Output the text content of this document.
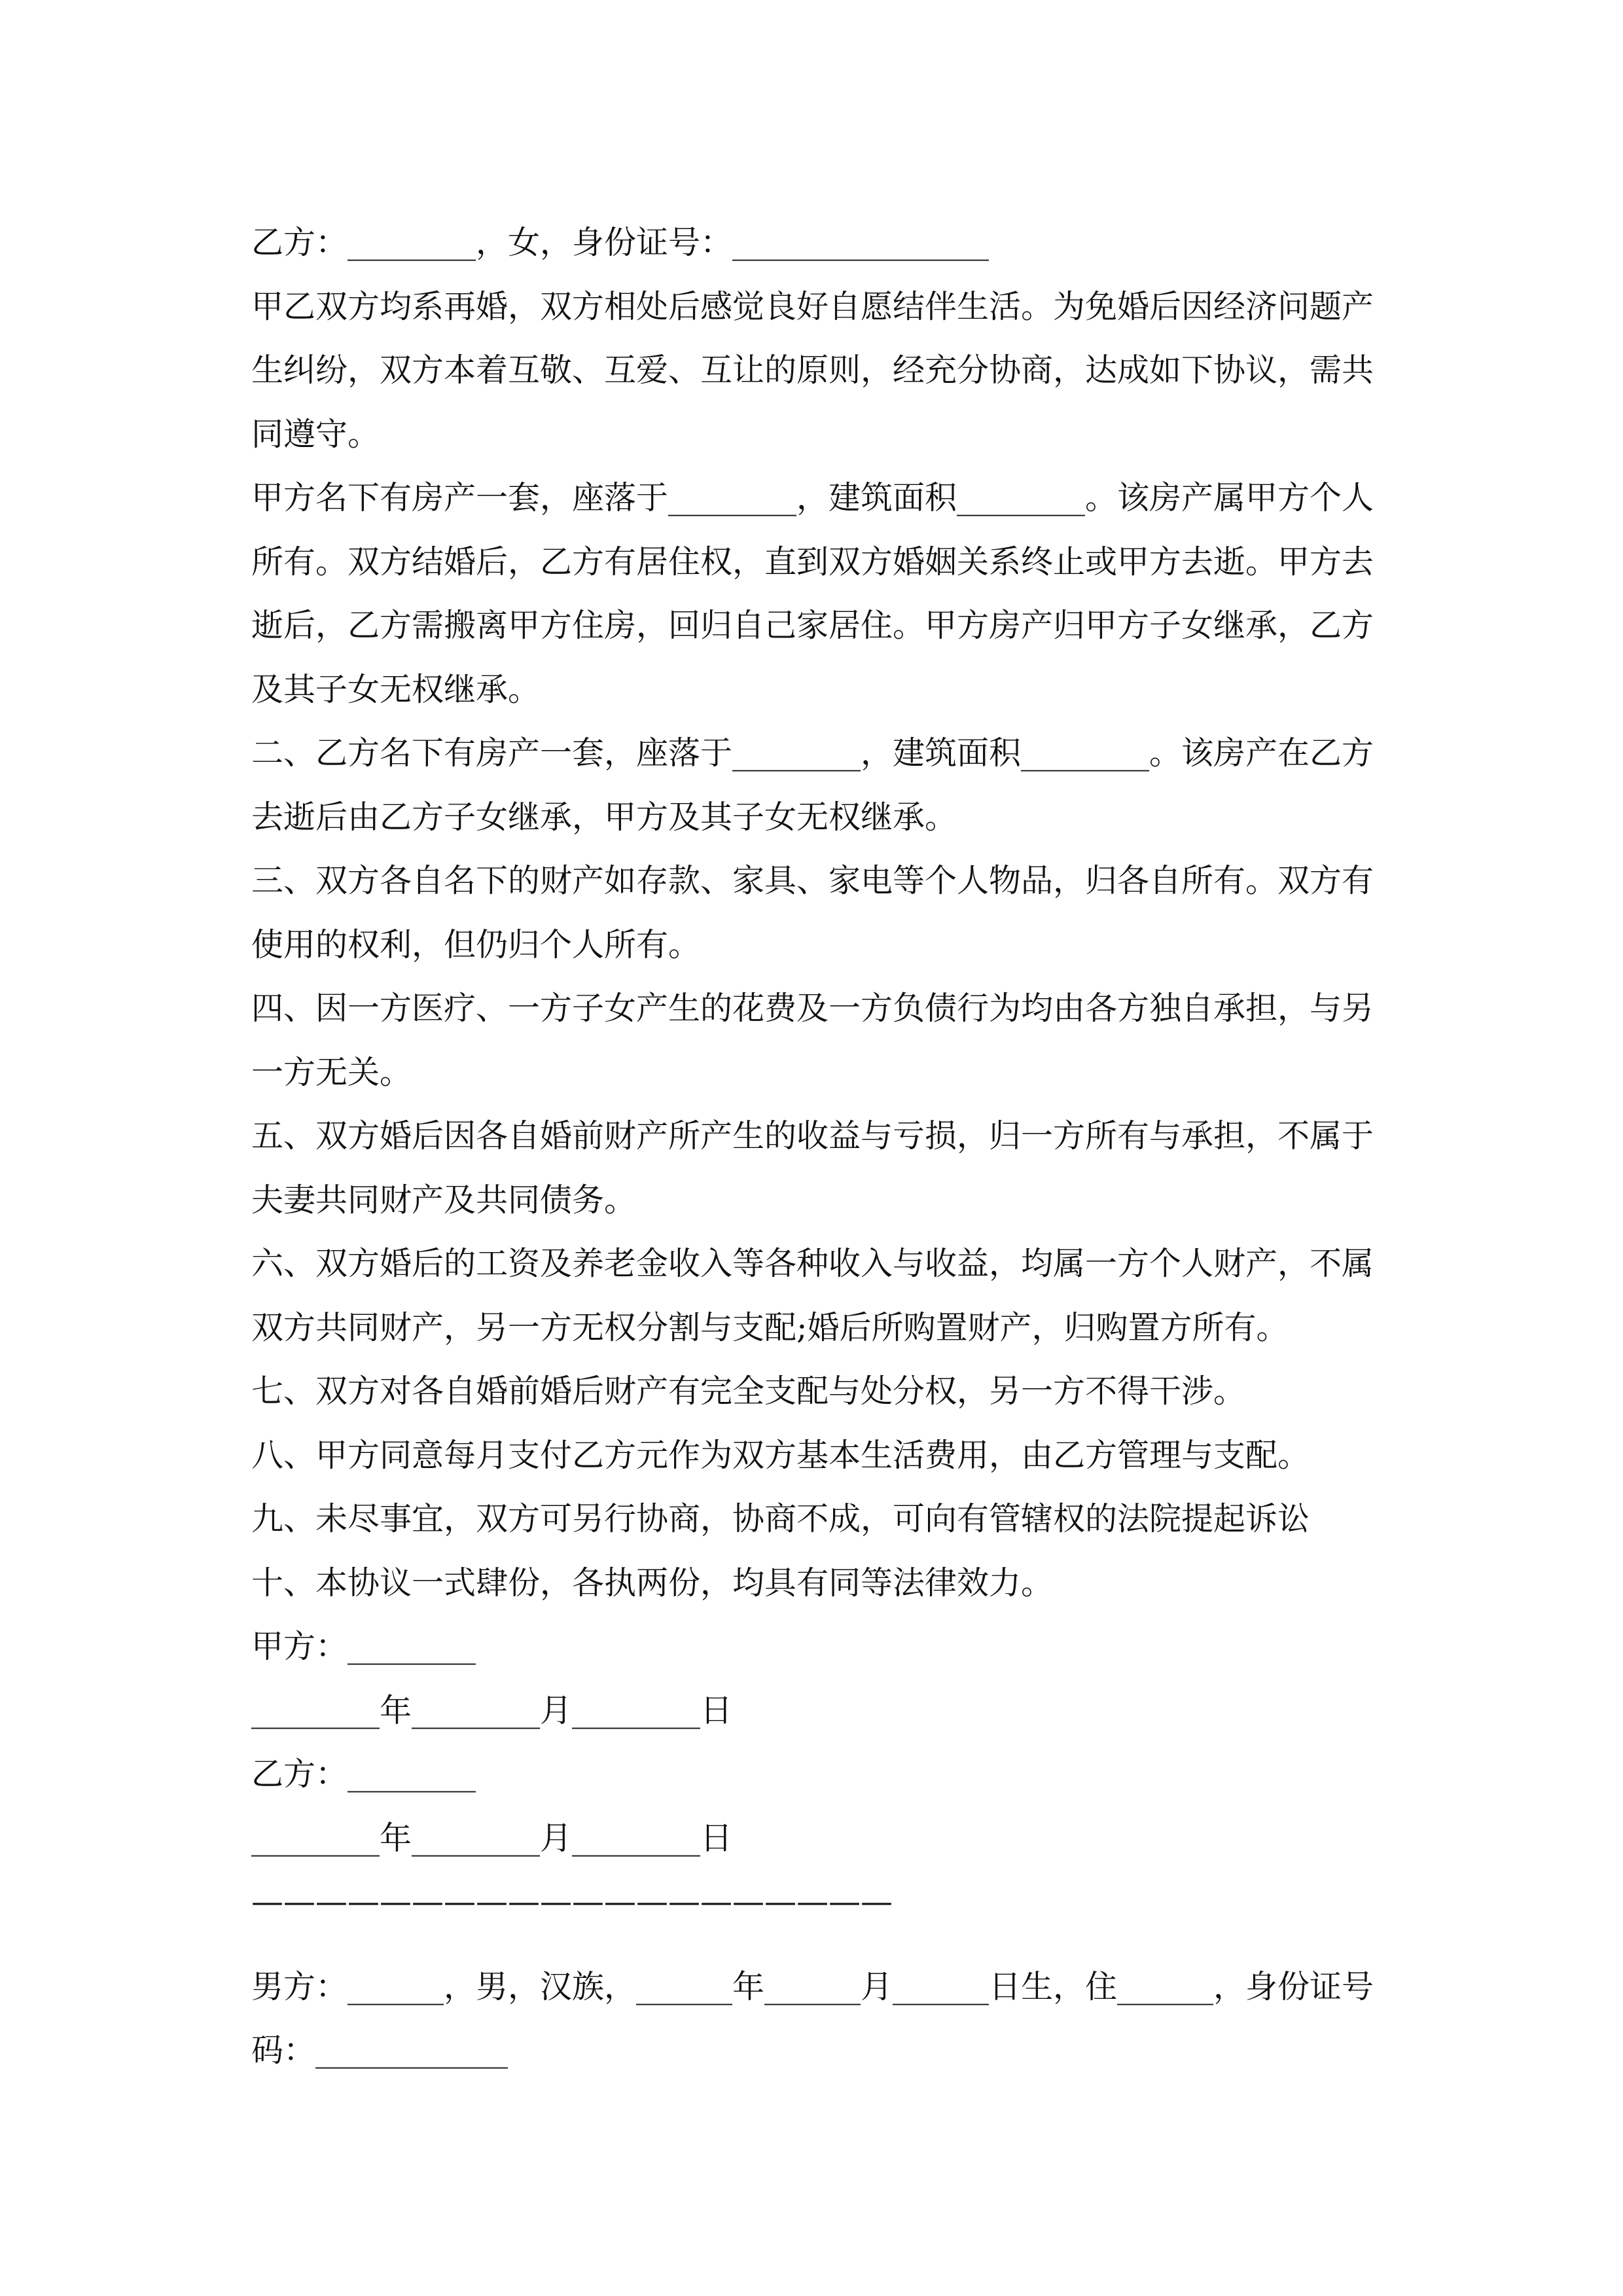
乙方：________，女，身份证号：________________

甲乙双方均系再婚，双方相处后感觉良好自愿结伴生活。为免婚后因经济问题产

生纠纷，双方本着互敬、互爱、互让的原则，经充分协商，达成如下协议，需共

同遵守。

甲方名下有房产一套，座落于________，建筑面积________。该房产属甲方个人

所有。双方结婚后，乙方有居住权，直到双方婚姻关系终止或甲方去逝。甲方去

逝后，乙方需搬离甲方住房，回归自己家居住。甲方房产归甲方子女继承，乙方

及其子女无权继承。

二、乙方名下有房产一套，座落于________，建筑面积________。该房产在乙方

去逝后由乙方子女继承，甲方及其子女无权继承。

三、双方各自名下的财产如存款、家具、家电等个人物品，归各自所有。双方有

使用的权利，但仍归个人所有。

四、因一方医疗、一方子女产生的花费及一方负债行为均由各方独自承担，与另

一方无关。

五、双方婚后因各自婚前财产所产生的收益与亏损，归一方所有与承担，不属于

夫妻共同财产及共同债务。

六、双方婚后的工资及养老金收入等各种收入与收益，均属一方个人财产，不属

双方共同财产，另一方无权分割与支配;婚后所购置财产，归购置方所有。

七、双方对各自婚前婚后财产有完全支配与处分权，另一方不得干涉。

八、甲方同意每月支付乙方元作为双方基本生活费用，由乙方管理与支配。

九、未尽事宜，双方可另行协商，协商不成，可向有管辖权的法院提起诉讼

十、本协议一式肆份，各执两份，均具有同等法律效力。

甲方：________

________年________月________日

乙方：________

________年________月________日

————————————————————

男方：______，男，汉族，______年______月______日生，住______，身份证号

码：____________
